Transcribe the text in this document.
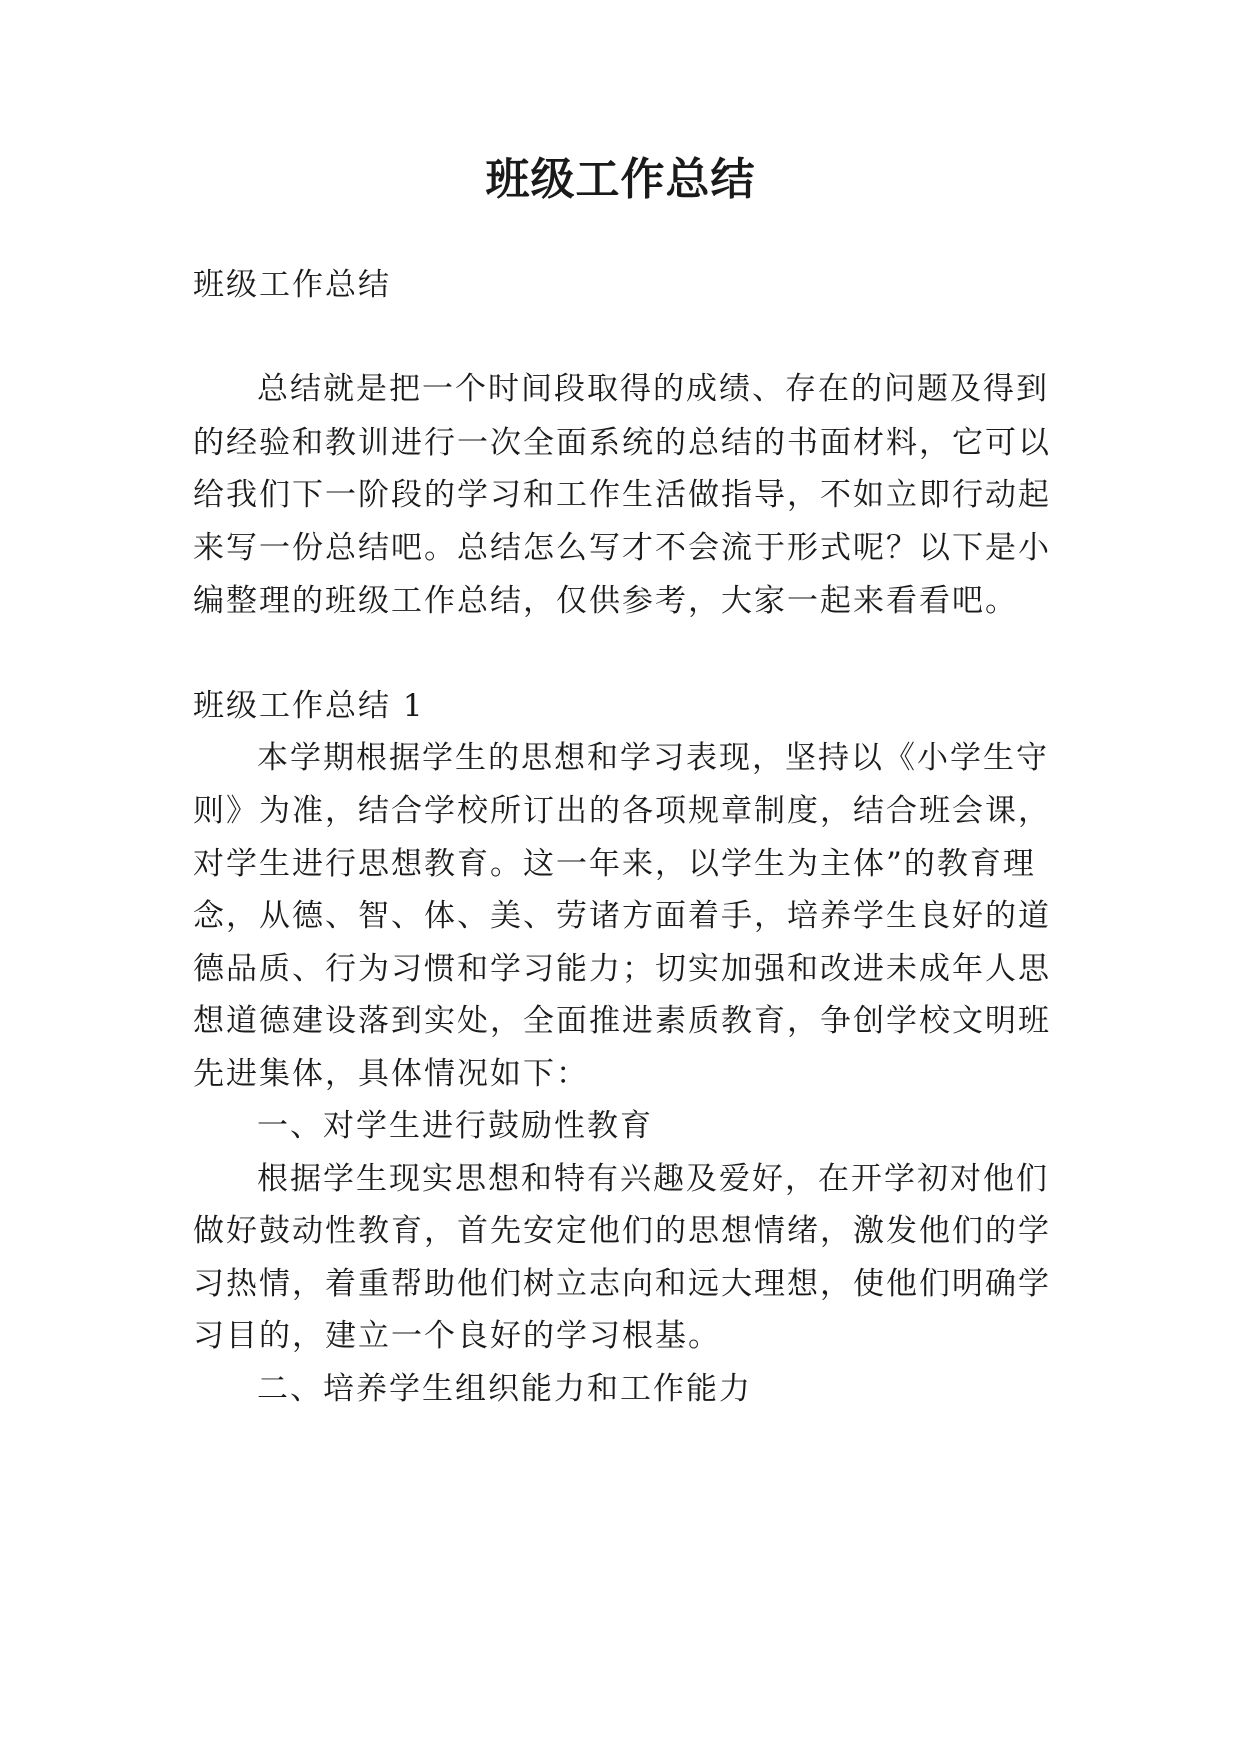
班级工作总结
班级工作总结
总结就是把一个时间段取得的成绩、存在的问题及得到
的经验和教训进行一次全面系统的总结的书面材料，它可以
给我们下一阶段的学习和工作生活做指导，不如立即行动起
来写一份总结吧。总结怎么写才不会流于形式呢？以下是小
编整理的班级工作总结，仅供参考，大家一起来看看吧。
班级工作总结 1
本学期根据学生的思想和学习表现，坚持以《小学生守
则》为准，结合学校所订出的各项规章制度，结合班会课，
对学生进行思想教育。这一年来，以学生为主体”的教育理
念，从德、智、体、美、劳诸方面着手，培养学生良好的道
德品质、行为习惯和学习能力；切实加强和改进未成年人思
想道德建设落到实处，全面推进素质教育，争创学校文明班
先进集体，具体情况如下：
一、对学生进行鼓励性教育
根据学生现实思想和特有兴趣及爱好，在开学初对他们
做好鼓动性教育，首先安定他们的思想情绪，激发他们的学
习热情，着重帮助他们树立志向和远大理想，使他们明确学
习目的，建立一个良好的学习根基。
二、培养学生组织能力和工作能力
